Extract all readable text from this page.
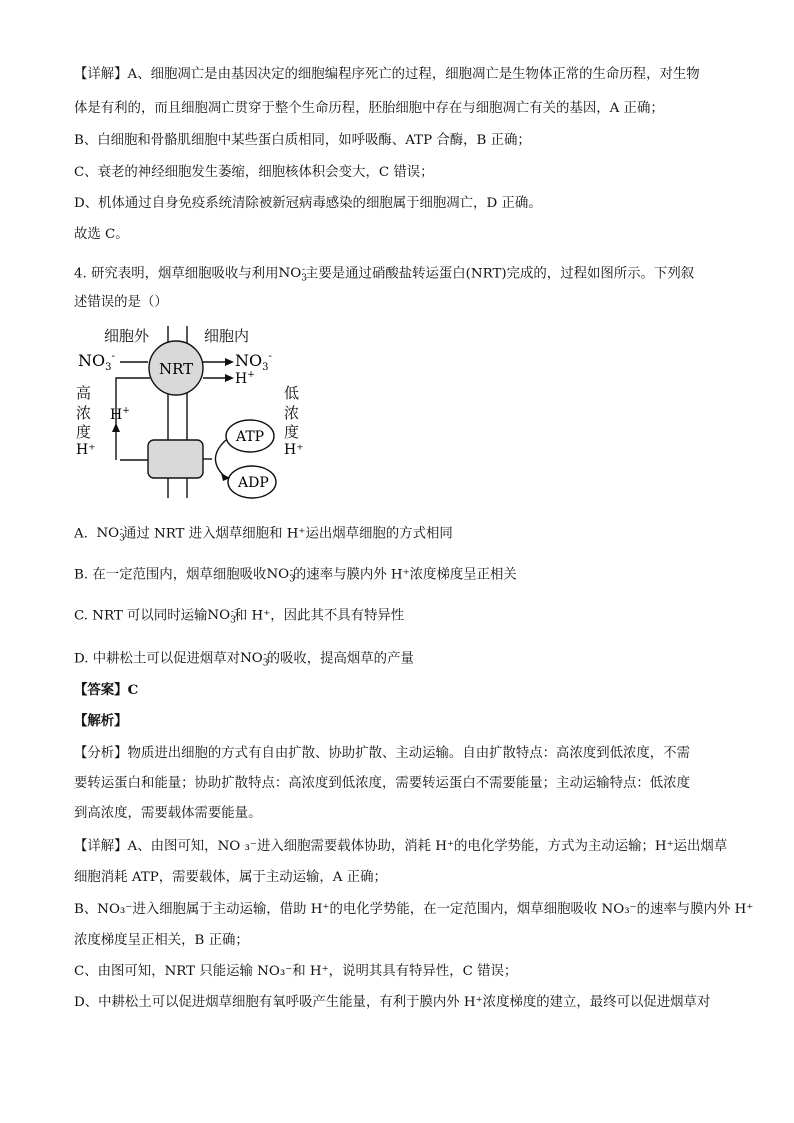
【详解】A、细胞凋亡是由基因决定的细胞编程序死亡的过程，细胞凋亡是生物体正常的生命历程，对生物
体是有利的，而且细胞凋亡贯穿于整个生命历程，胚胎细胞中存在与细胞凋亡有关的基因，A 正确；
B、白细胞和骨骼肌细胞中某些蛋白质相同，如呼吸酶、ATP 合酶，B 正确；
C、衰老的神经细胞发生萎缩，细胞核体积会变大，C 错误；
D、机体通过自身免疫系统清除被新冠病毒感染的细胞属于细胞凋亡，D 正确。
故选 C。
4. 研究表明，烟草细胞吸收与利用$NO_3^-$主要是通过硝酸盐转运蛋白(NRT)完成的，过程如图所示。下列叙
述错误的是（）
细胞外	细胞内
NRT
$NO_3^-$	$NO_3^-$
H+
高
浓
度
H⁺
H+
低
浓
度
H⁺
ATP
ADP
A. $NO_3^-$通过 NRT 进入烟草细胞和 H⁺运出烟草细胞的方式相同
B. 在一定范围内，烟草细胞吸收$NO_3^-$的速率与膜内外 H⁺浓度梯度呈正相关
C. NRT 可以同时运输$NO_3^-$和 H⁺，因此其不具有特异性
D. 中耕松土可以促进烟草对$NO_3^-$的吸收，提高烟草的产量
【答案】C
【解析】
【分析】物质进出细胞的方式有自由扩散、协助扩散、主动运输。自由扩散特点：高浓度到低浓度，不需
要转运蛋白和能量；协助扩散特点：高浓度到低浓度，需要转运蛋白不需要能量；主动运输特点：低浓度
到高浓度，需要载体需要能量。
【详解】A、由图可知，NO ₃⁻进入细胞需要载体协助，消耗 H⁺的电化学势能，方式为主动运输；H⁺运出烟草
细胞消耗 ATP，需要载体，属于主动运输，A 正确；
B、NO₃⁻进入细胞属于主动运输，借助 H⁺的电化学势能，在一定范围内，烟草细胞吸收 NO₃⁻的速率与膜内外 H⁺
浓度梯度呈正相关，B 正确；
C、由图可知，NRT 只能运输 NO₃⁻和 H⁺，说明其具有特异性，C 错误；
D、中耕松土可以促进烟草细胞有氧呼吸产生能量，有利于膜内外 H⁺浓度梯度的建立，最终可以促进烟草对
